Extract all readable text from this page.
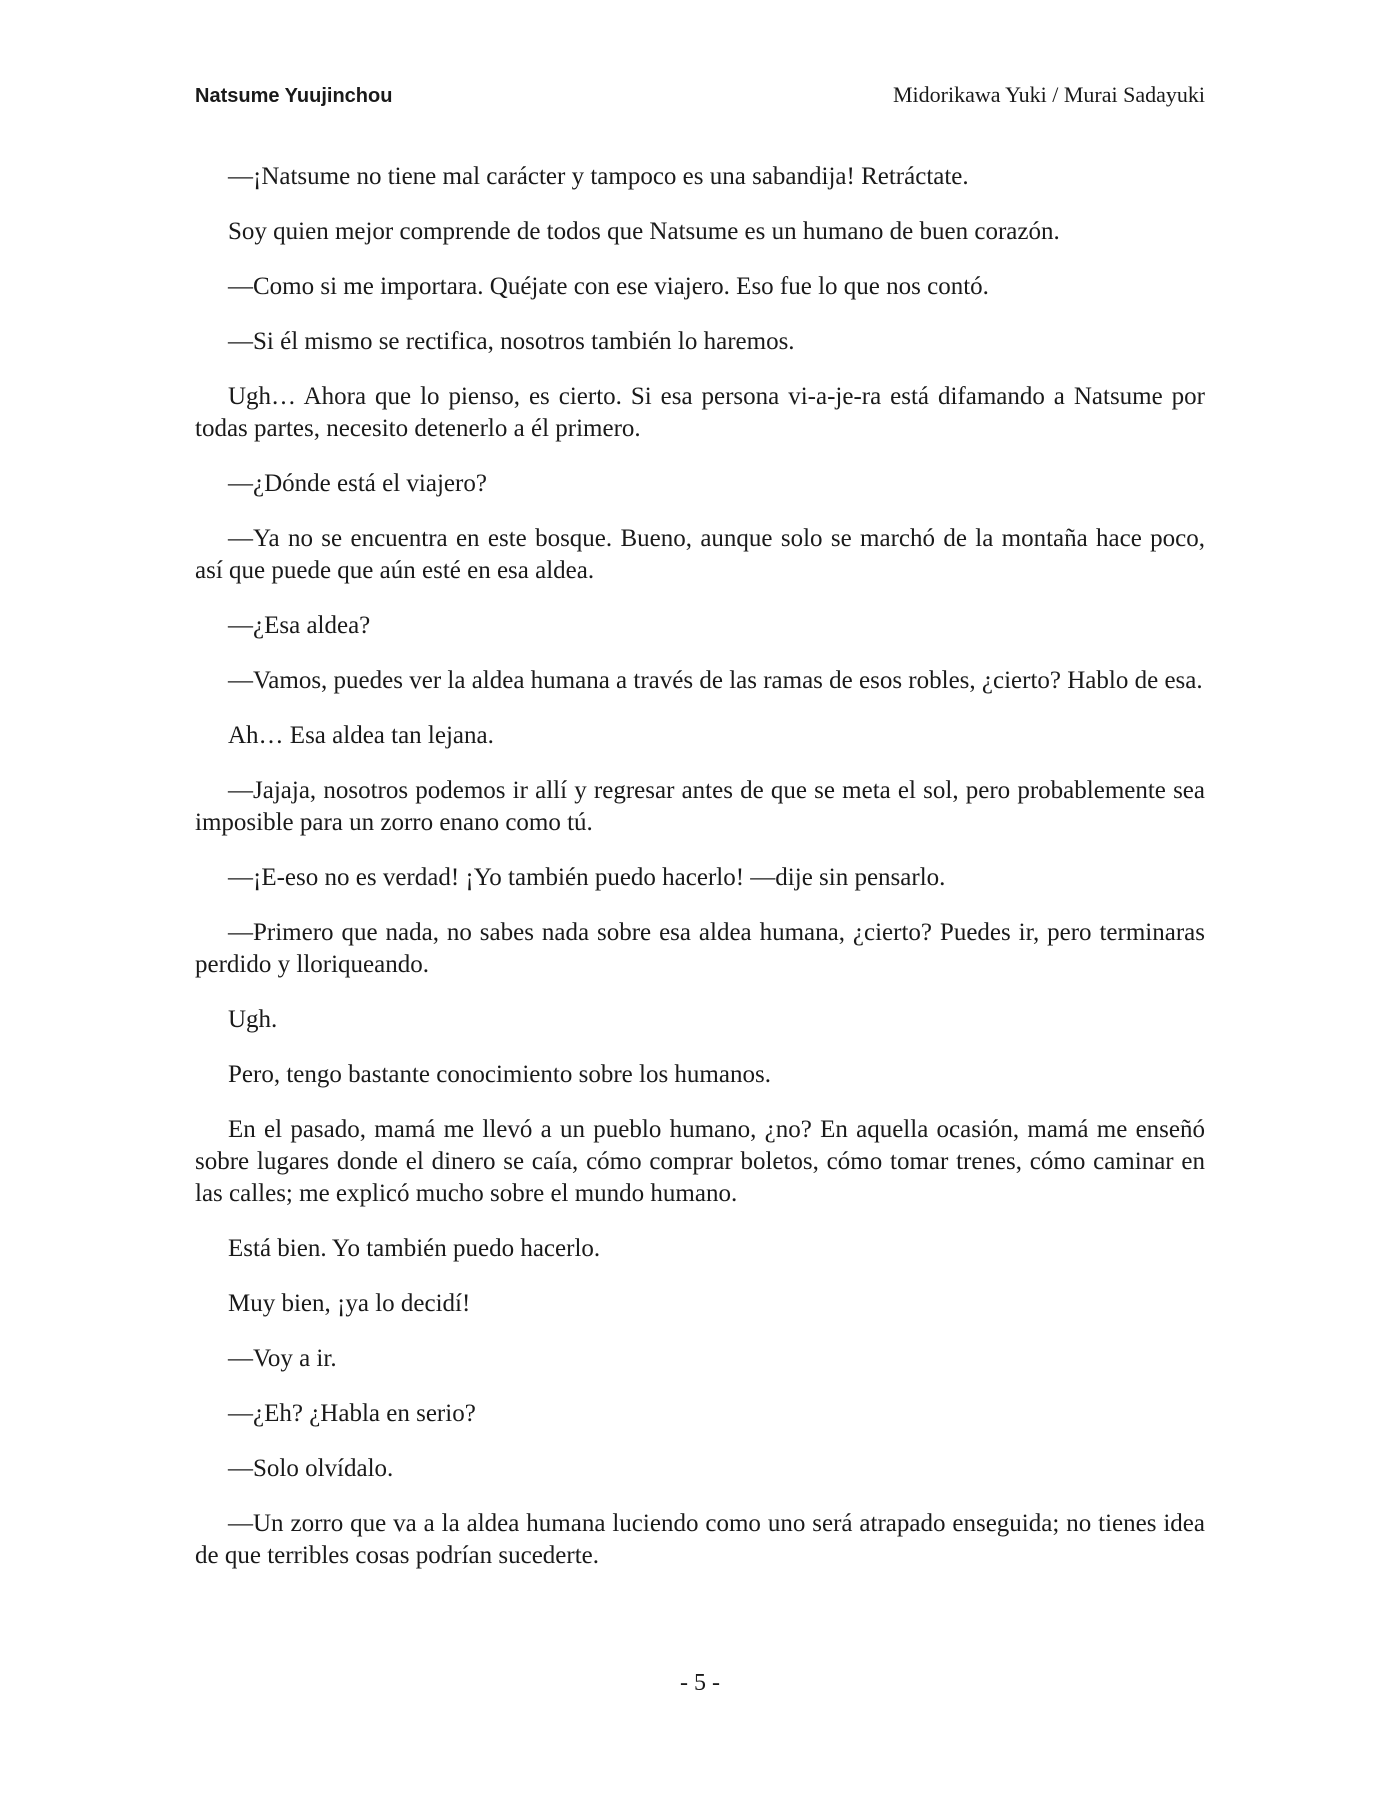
Natsume Yuujinchou	Midorikawa Yuki / Murai Sadayuki

—¡Natsume no tiene mal carácter y tampoco es una sabandija! Retráctate.

Soy quien mejor comprende de todos que Natsume es un humano de buen corazón.

—Como si me importara. Quéjate con ese viajero. Eso fue lo que nos contó.

—Si él mismo se rectifica, nosotros también lo haremos.

Ugh… Ahora que lo pienso, es cierto. Si esa persona vi-a-je-ra está difamando a Natsume por todas partes, necesito detenerlo a él primero.

—¿Dónde está el viajero?

—Ya no se encuentra en este bosque. Bueno, aunque solo se marchó de la montaña hace poco, así que puede que aún esté en esa aldea.

—¿Esa aldea?

—Vamos, puedes ver la aldea humana a través de las ramas de esos robles, ¿cierto? Hablo de esa.

Ah… Esa aldea tan lejana.

—Jajaja, nosotros podemos ir allí y regresar antes de que se meta el sol, pero probablemente sea imposible para un zorro enano como tú.

—¡E-eso no es verdad! ¡Yo también puedo hacerlo! —dije sin pensarlo.

—Primero que nada, no sabes nada sobre esa aldea humana, ¿cierto? Puedes ir, pero terminaras perdido y lloriqueando.

Ugh.

Pero, tengo bastante conocimiento sobre los humanos.

En el pasado, mamá me llevó a un pueblo humano, ¿no? En aquella ocasión, mamá me enseñó sobre lugares donde el dinero se caía, cómo comprar boletos, cómo tomar trenes, cómo caminar en las calles; me explicó mucho sobre el mundo humano.

Está bien. Yo también puedo hacerlo.

Muy bien, ¡ya lo decidí!

—Voy a ir.

—¿Eh? ¿Habla en serio?

—Solo olvídalo.

—Un zorro que va a la aldea humana luciendo como uno será atrapado enseguida; no tienes idea de que terribles cosas podrían sucederte.

- 5 -
